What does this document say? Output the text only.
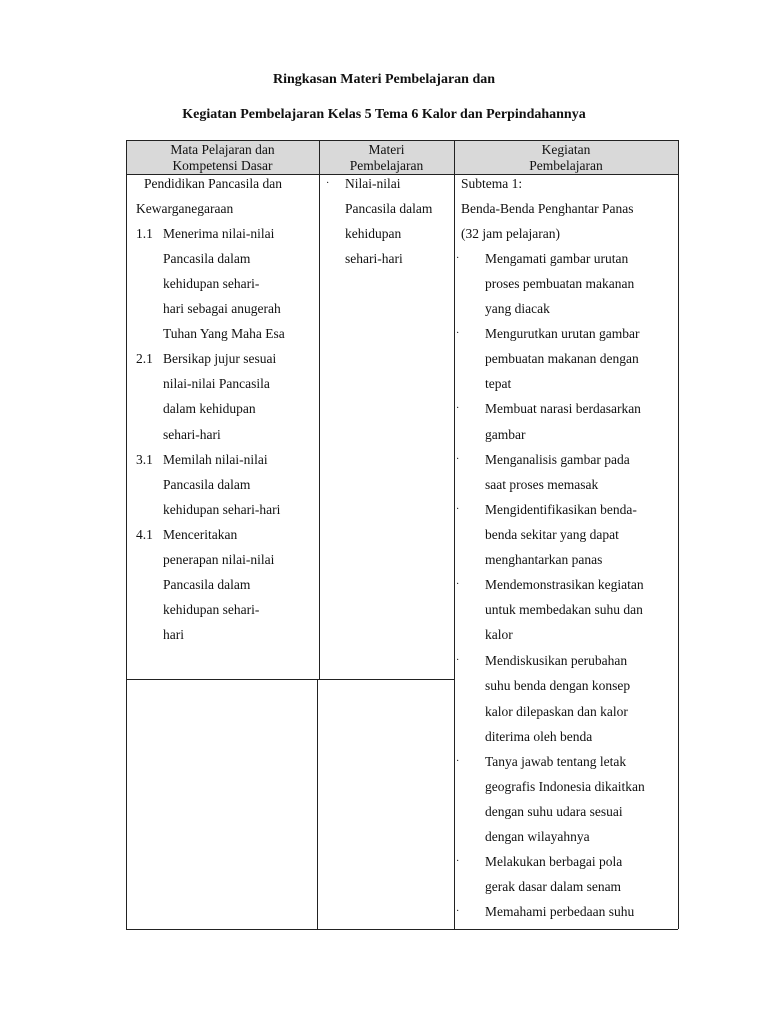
Ringkasan Materi Pembelajaran dan

Kegiatan Pembelajaran Kelas 5 Tema 6 Kalor dan Perpindahannya

Mata Pelajaran dan
Kompetensi Dasar
Materi
Pembelajaran
Kegiatan
Pembelajaran
Pendidikan Pancasila dan
Kewarganegaraan
1.1 Menerima nilai-nilai
Pancasila dalam
kehidupan sehari-
hari sebagai anugerah
Tuhan Yang Maha Esa
2.1 Bersikap jujur sesuai
nilai-nilai Pancasila
dalam kehidupan
sehari-hari
3.1 Memilah nilai-nilai
Pancasila dalam
kehidupan sehari-hari
4.1 Menceritakan
penerapan nilai-nilai
Pancasila dalam
kehidupan sehari-
hari
· Nilai-nilai
Pancasila dalam
kehidupan
sehari-hari
Subtema 1:
Benda-Benda Penghantar Panas
(32 jam pelajaran)
· Mengamati gambar urutan
proses pembuatan makanan
yang diacak
· Mengurutkan urutan gambar
pembuatan makanan dengan
tepat
· Membuat narasi berdasarkan
gambar
· Menganalisis gambar pada
saat proses memasak
· Mengidentifikasikan benda-
benda sekitar yang dapat
menghantarkan panas
· Mendemonstrasikan kegiatan
untuk membedakan suhu dan
kalor
· Mendiskusikan perubahan
suhu benda dengan konsep
kalor dilepaskan dan kalor
diterima oleh benda
· Tanya jawab tentang letak
geografis Indonesia dikaitkan
dengan suhu udara sesuai
dengan wilayahnya
· Melakukan berbagai pola
gerak dasar dalam senam
· Memahami perbedaan suhu
